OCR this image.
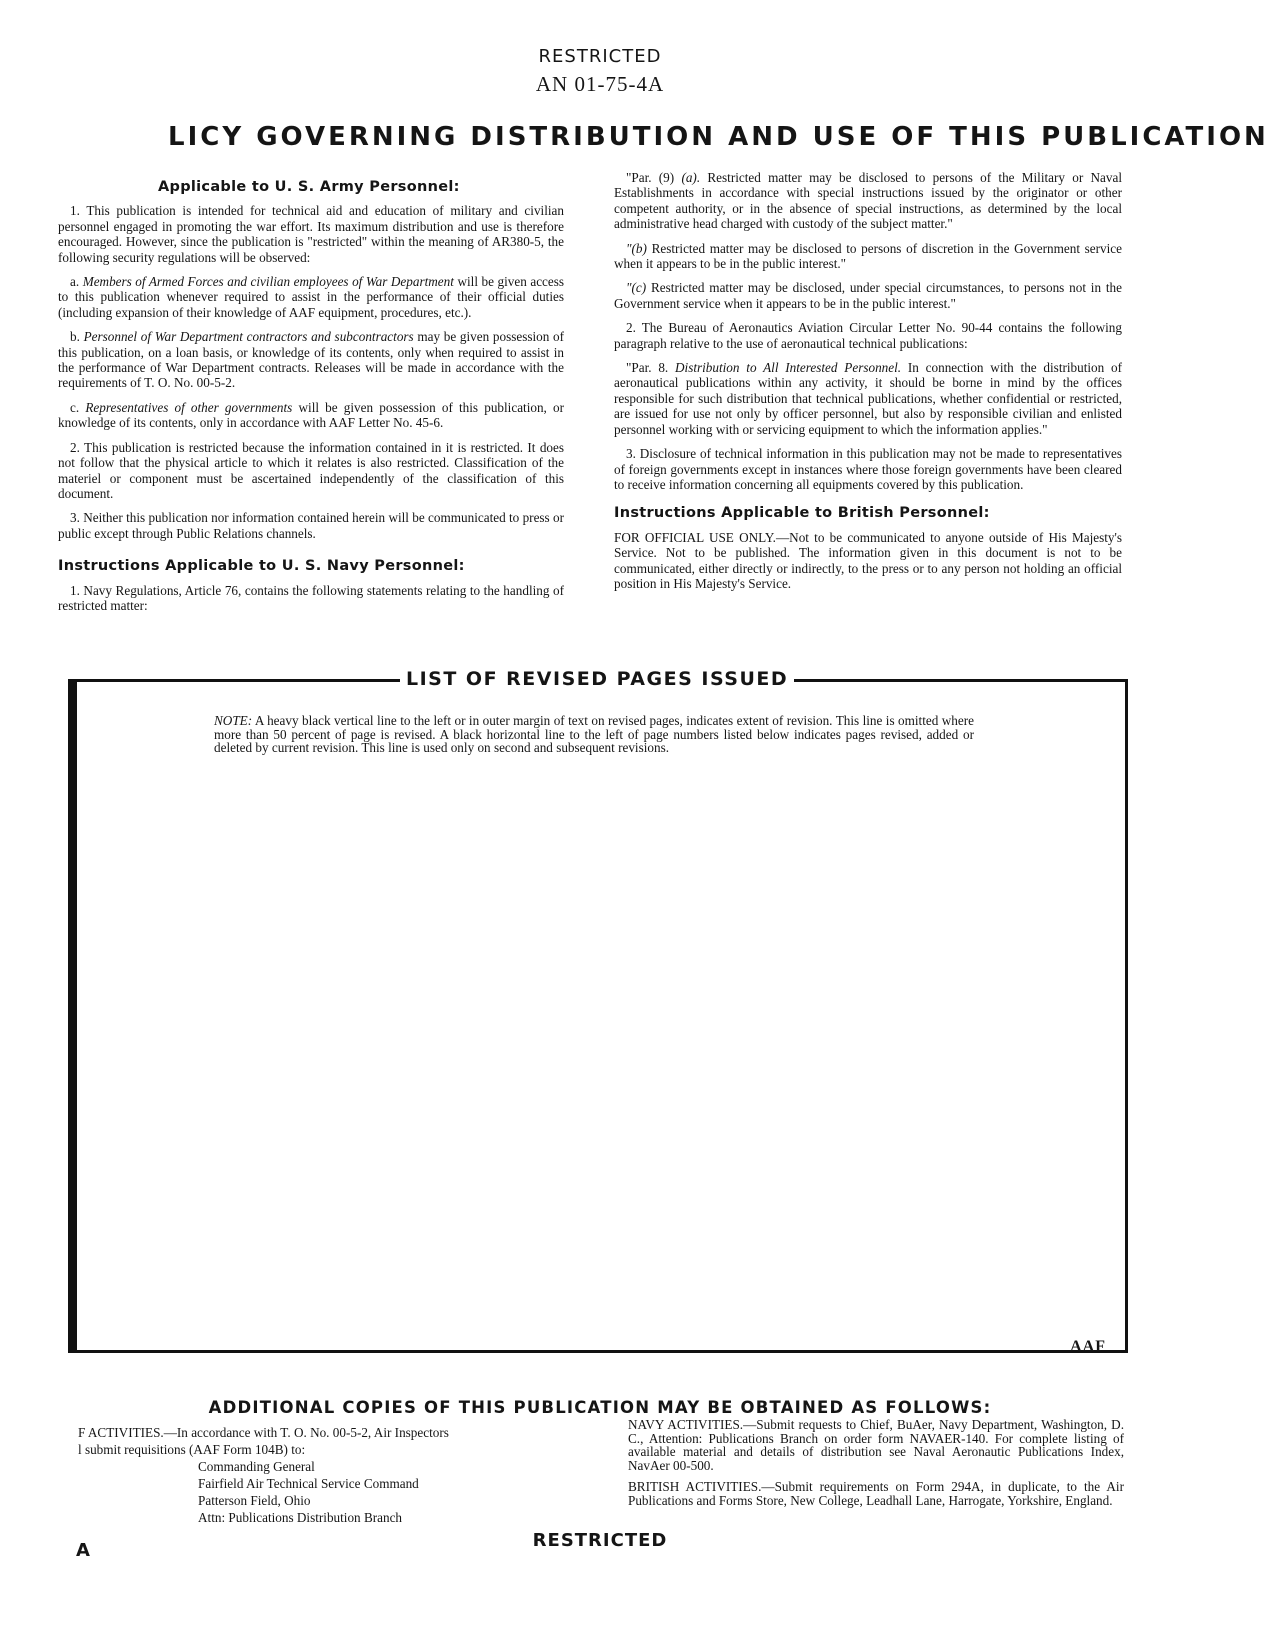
RESTRICTED
AN 01-75-4A
LICY GOVERNING DISTRIBUTION AND USE OF THIS PUBLICATION
Applicable to U. S. Army Personnel:

1. This publication is intended for technical aid and education of military and civilian personnel engaged in promoting the war effort. Its maximum distribution and use is therefore encouraged. However, since the publication is "restricted" within the meaning of AR380-5, the following security regulations will be observed:

a. Members of Armed Forces and civilian employees of War Department will be given access to this publication whenever required to assist in the performance of their official duties (including expansion of their knowledge of AAF equipment, procedures, etc.).

b. Personnel of War Department contractors and subcontractors may be given possession of this publication, on a loan basis, or knowledge of its contents, only when required to assist in the performance of War Department contracts. Releases will be made in accordance with the requirements of T. O. No. 00-5-2.

c. Representatives of other governments will be given possession of this publication, or knowledge of its contents, only in accordance with AAF Letter No. 45-6.

2. This publication is restricted because the information contained in it is restricted. It does not follow that the physical article to which it relates is also restricted. Classification of the materiel or component must be ascertained independently of the classification of this document.

3. Neither this publication nor information contained herein will be communicated to press or public except through Public Relations channels.

Instructions Applicable to U. S. Navy Personnel:

1. Navy Regulations, Article 76, contains the following statements relating to the handling of restricted matter:

"Par. (9) (a). Restricted matter may be disclosed to persons of the Military or Naval Establishments in accordance with special instructions issued by the originator or other competent authority, or in the absence of special instructions, as determined by the local administrative head charged with custody of the subject matter."

"(b) Restricted matter may be disclosed to persons of discretion in the Government service when it appears to be in the public interest."

"(c) Restricted matter may be disclosed, under special circumstances, to persons not in the Government service when it appears to be in the public interest."

2. The Bureau of Aeronautics Aviation Circular Letter No. 90-44 contains the following paragraph relative to the use of aeronautical technical publications:

"Par. 8. Distribution to All Interested Personnel. In connection with the distribution of aeronautical publications within any activity, it should be borne in mind by the offices responsible for such distribution that technical publications, whether confidential or restricted, are issued for use not only by officer personnel, but also by responsible civilian and enlisted personnel working with or servicing equipment to which the information applies."

3. Disclosure of technical information in this publication may not be made to representatives of foreign governments except in instances where those foreign governments have been cleared to receive information concerning all equipments covered by this publication.

Instructions Applicable to British Personnel:

FOR OFFICIAL USE ONLY.—Not to be communicated to anyone outside of His Majesty's Service. Not to be published. The information given in this document is not to be communicated, either directly or indirectly, to the press or to any person not holding an official position in His Majesty's Service.

LIST OF REVISED PAGES ISSUED
NOTE: A heavy black vertical line to the left or in outer margin of text on revised pages, indicates extent of revision. This line is omitted where more than 50 percent of page is revised. A black horizontal line to the left of page numbers listed below indicates pages revised, added or deleted by current revision. This line is used only on second and subsequent revisions.
AAF
ADDITIONAL COPIES OF THIS PUBLICATION MAY BE OBTAINED AS FOLLOWS:
F ACTIVITIES.—In accordance with T. O. No. 00-5-2, Air Inspectors
l submit requisitions (AAF Form 104B) to:
Commanding General
Fairfield Air Technical Service Command
Patterson Field, Ohio
Attn: Publications Distribution Branch

NAVY ACTIVITIES.—Submit requests to Chief, BuAer, Navy Department, Washington, D. C., Attention: Publications Branch on order form NAVAER-140. For complete listing of available material and details of distribution see Naval Aeronautic Publications Index, NavAer 00-500.

BRITISH ACTIVITIES.—Submit requirements on Form 294A, in duplicate, to the Air Publications and Forms Store, New College, Leadhall Lane, Harrogate, Yorkshire, England.

RESTRICTED
A
